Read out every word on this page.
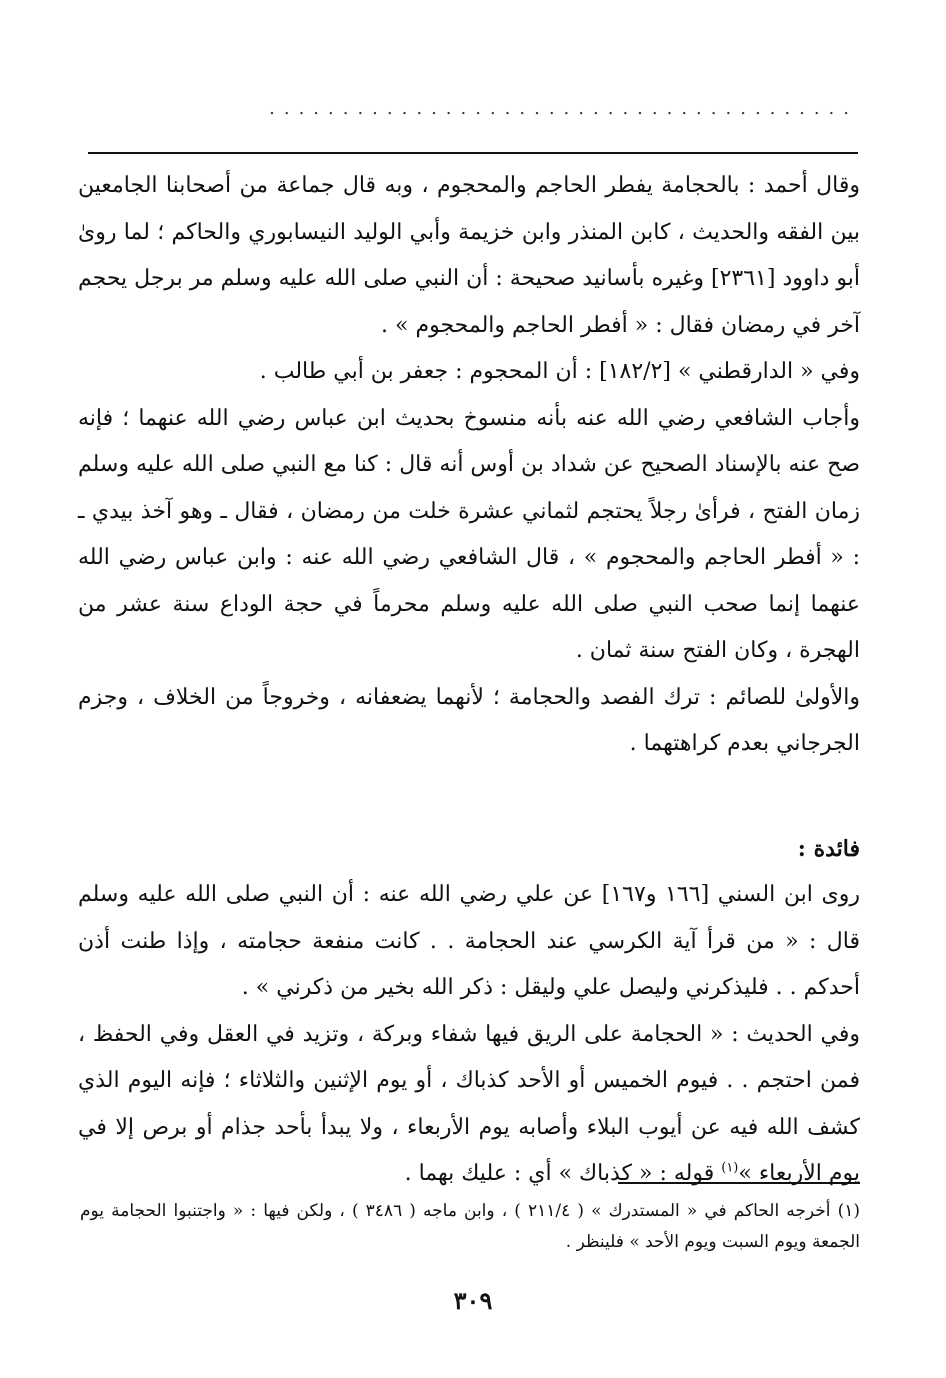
........................................

وقال أحمد : بالحجامة يفطر الحاجم والمحجوم ، وبه قال جماعة من أصحابنا الجامعين بين الفقه والحديث ، كابن المنذر وابن خزيمة وأبي الوليد النيسابوري والحاكم ؛ لما روىٰ أبو داوود [٢٣٦١] وغيره بأسانيد صحيحة : أن النبي صلى الله عليه وسلم مر برجل يحجم آخر في رمضان فقال : « أفطر الحاجم والمحجوم » .

وفي « الدارقطني » [١٨٢/٢] : أن المحجوم : جعفر بن أبي طالب .

وأجاب الشافعي رضي الله عنه بأنه منسوخ بحديث ابن عباس رضي الله عنهما ؛ فإنه صح عنه بالإسناد الصحيح عن شداد بن أوس أنه قال : كنا مع النبي صلى الله عليه وسلم زمان الفتح ، فرأىٰ رجلاً يحتجم لثماني عشرة خلت من رمضان ، فقال ـ وهو آخذ بيدي ـ : « أفطر الحاجم والمحجوم » ، قال الشافعي رضي الله عنه : وابن عباس رضي الله عنهما إنما صحب النبي صلى الله عليه وسلم محرماً في حجة الوداع سنة عشر من الهجرة ، وكان الفتح سنة ثمان .

والأولىٰ للصائم : ترك الفصد والحجامة ؛ لأنهما يضعفانه ، وخروجاً من الخلاف ، وجزم الجرجاني بعدم كراهتهما .

فائدة :

روى ابن السني [١٦٦ و١٦٧] عن علي رضي الله عنه : أن النبي صلى الله عليه وسلم قال : « من قرأ آية الكرسي عند الحجامة . . كانت منفعة حجامته ، وإذا طنت أذن أحدكم . . فليذكرني وليصل علي وليقل : ذكر الله بخير من ذكرني » .

وفي الحديث : « الحجامة على الريق فيها شفاء وبركة ، وتزيد في العقل وفي الحفظ ، فمن احتجم . . فيوم الخميس أو الأحد كذباك ، أو يوم الإثنين والثلاثاء ؛ فإنه اليوم الذي كشف الله فيه عن أيوب البلاء وأصابه يوم الأربعاء ، ولا يبدأ بأحد جذام أو برص إلا في يوم الأربعاء »$^{(١)}$ قوله : « كذباك » أي : عليك بهما .

(١) أخرجه الحاكم في « المستدرك » ( ٢١١/٤ ) ، وابن ماجه ( ٣٤٨٦ ) ، ولكن فيها : « واجتنبوا الحجامة يوم الجمعة ويوم السبت ويوم الأحد » فلينظر .

٣٠٩
